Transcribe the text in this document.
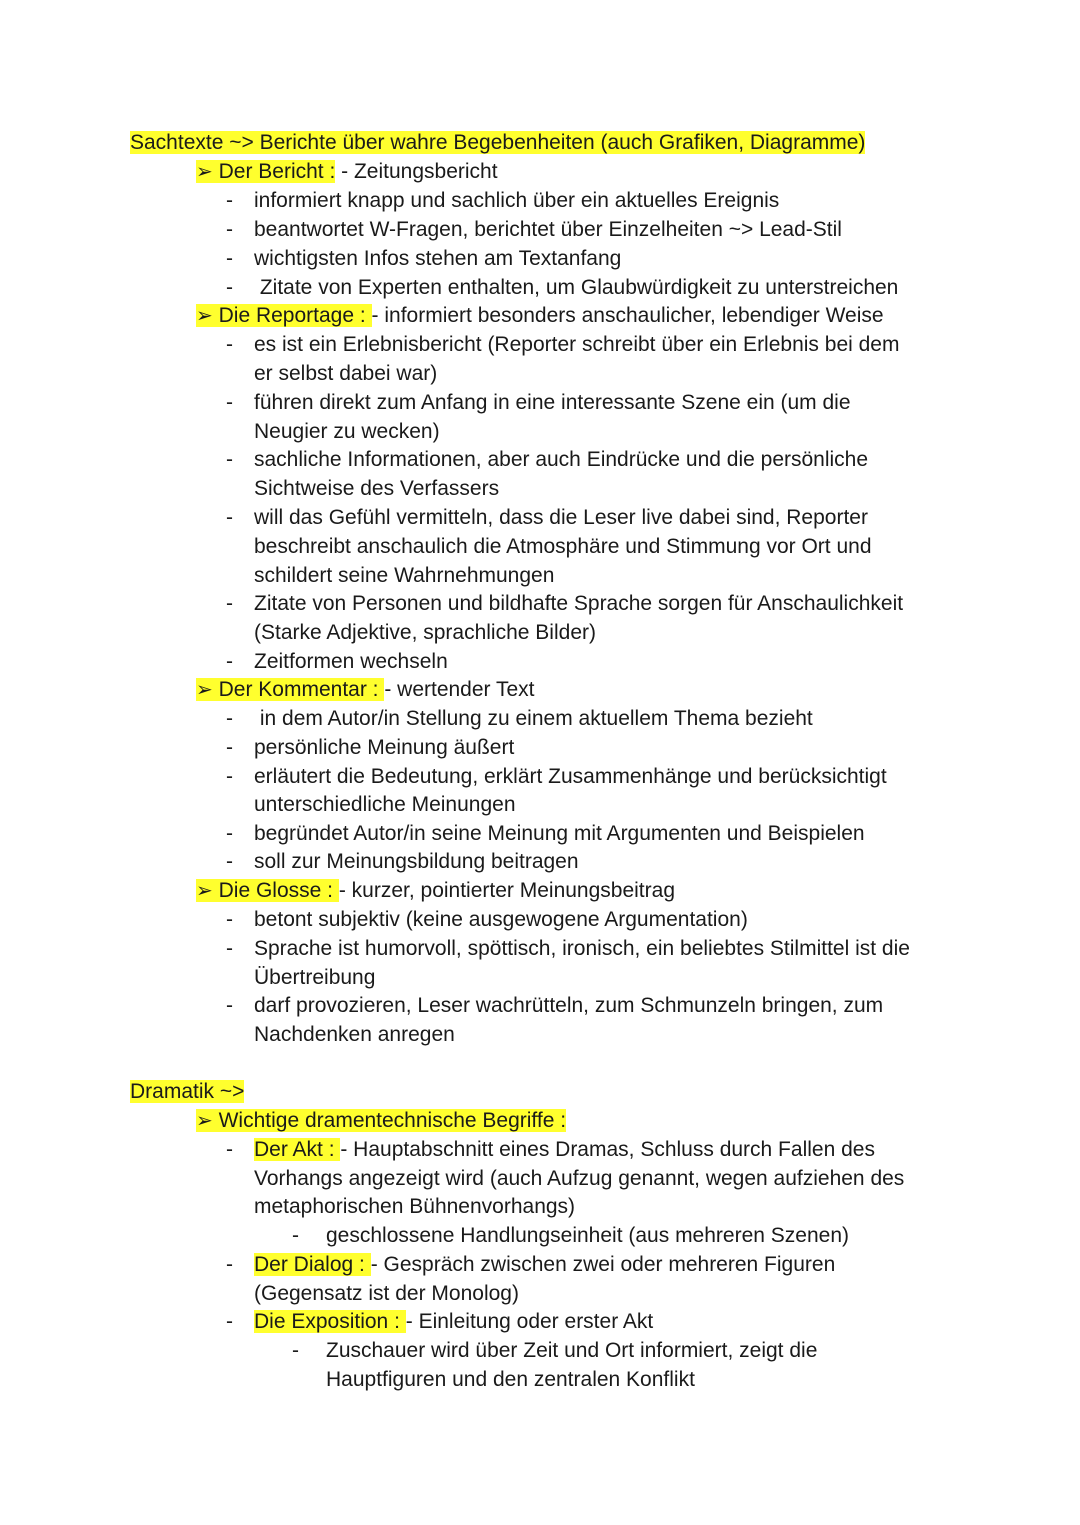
Sachtexte ~> Berichte über wahre Begebenheiten (auch Grafiken, Diagramme)
➢ Der Bericht : - Zeitungsbericht
- informiert knapp und sachlich über ein aktuelles Ereignis
- beantwortet W-Fragen, berichtet über Einzelheiten ~> Lead-Stil
- wichtigsten Infos stehen am Textanfang
- Zitate von Experten enthalten, um Glaubwürdigkeit zu unterstreichen
➢ Die Reportage : - informiert besonders anschaulicher, lebendiger Weise
- es ist ein Erlebnisbericht (Reporter schreibt über ein Erlebnis bei dem
er selbst dabei war)
- führen direkt zum Anfang in eine interessante Szene ein (um die
Neugier zu wecken)
- sachliche Informationen, aber auch Eindrücke und die persönliche
Sichtweise des Verfassers
- will das Gefühl vermitteln, dass die Leser live dabei sind, Reporter
beschreibt anschaulich die Atmosphäre und Stimmung vor Ort und
schildert seine Wahrnehmungen
- Zitate von Personen und bildhafte Sprache sorgen für Anschaulichkeit
(Starke Adjektive, sprachliche Bilder)
- Zeitformen wechseln
➢ Der Kommentar : - wertender Text
- in dem Autor/in Stellung zu einem aktuellem Thema bezieht
- persönliche Meinung äußert
- erläutert die Bedeutung, erklärt Zusammenhänge und berücksichtigt
unterschiedliche Meinungen
- begründet Autor/in seine Meinung mit Argumenten und Beispielen
- soll zur Meinungsbildung beitragen
➢ Die Glosse : - kurzer, pointierter Meinungsbeitrag
- betont subjektiv (keine ausgewogene Argumentation)
- Sprache ist humorvoll, spöttisch, ironisch, ein beliebtes Stilmittel ist die
Übertreibung
- darf provozieren, Leser wachrütteln, zum Schmunzeln bringen, zum
Nachdenken anregen
Dramatik ~>
➢ Wichtige dramentechnische Begriffe :
- Der Akt : - Hauptabschnitt eines Dramas, Schluss durch Fallen des
Vorhangs angezeigt wird (auch Aufzug genannt, wegen aufziehen des
metaphorischen Bühnenvorhangs)
- geschlossene Handlungseinheit (aus mehreren Szenen)
- Der Dialog : - Gespräch zwischen zwei oder mehreren Figuren
(Gegensatz ist der Monolog)
- Die Exposition : - Einleitung oder erster Akt
- Zuschauer wird über Zeit und Ort informiert, zeigt die
Hauptfiguren und den zentralen Konflikt
